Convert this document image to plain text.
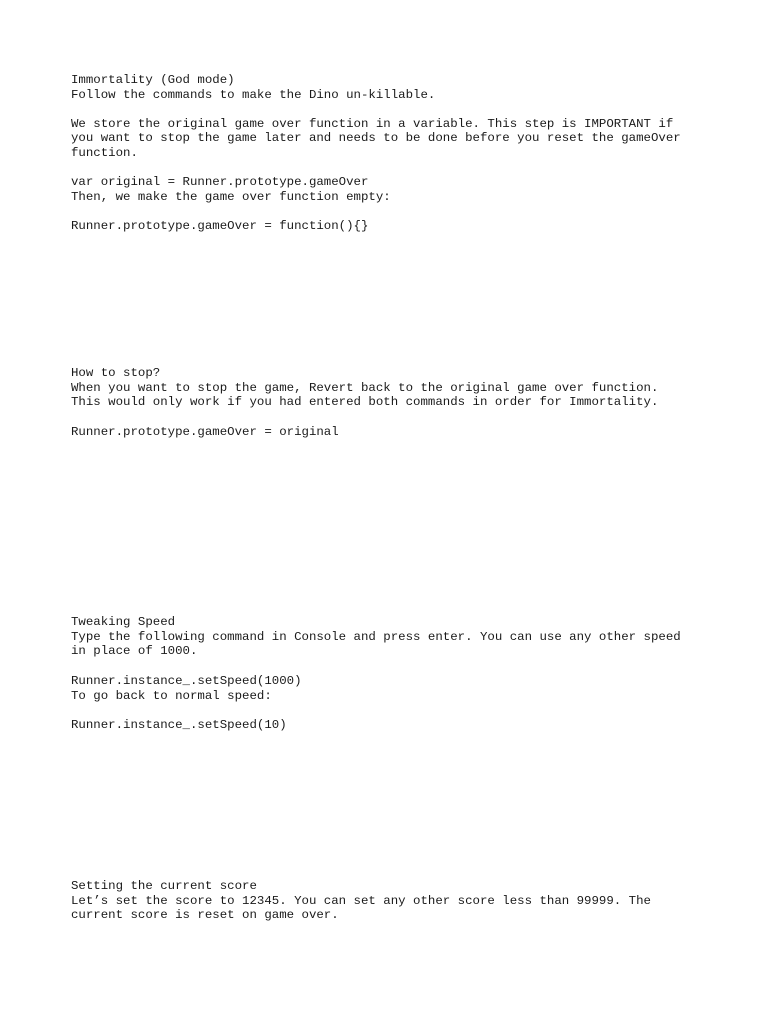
Immortality (God mode)

Follow the commands to make the Dino un-killable.

We store the original game over function in a variable. This step is IMPORTANT if

you want to stop the game later and needs to be done before you reset the gameOver

function.

var original = Runner.prototype.gameOver

Then, we make the game over function empty:

Runner.prototype.gameOver = function(){}

How to stop?

When you want to stop the game, Revert back to the original game over function.

This would only work if you had entered both commands in order for Immortality.

Runner.prototype.gameOver = original

Tweaking Speed

Type the following command in Console and press enter. You can use any other speed

in place of 1000.

Runner.instance_.setSpeed(1000)

To go back to normal speed:

Runner.instance_.setSpeed(10)

Setting the current score

Let’s set the score to 12345. You can set any other score less than 99999. The

current score is reset on game over.
